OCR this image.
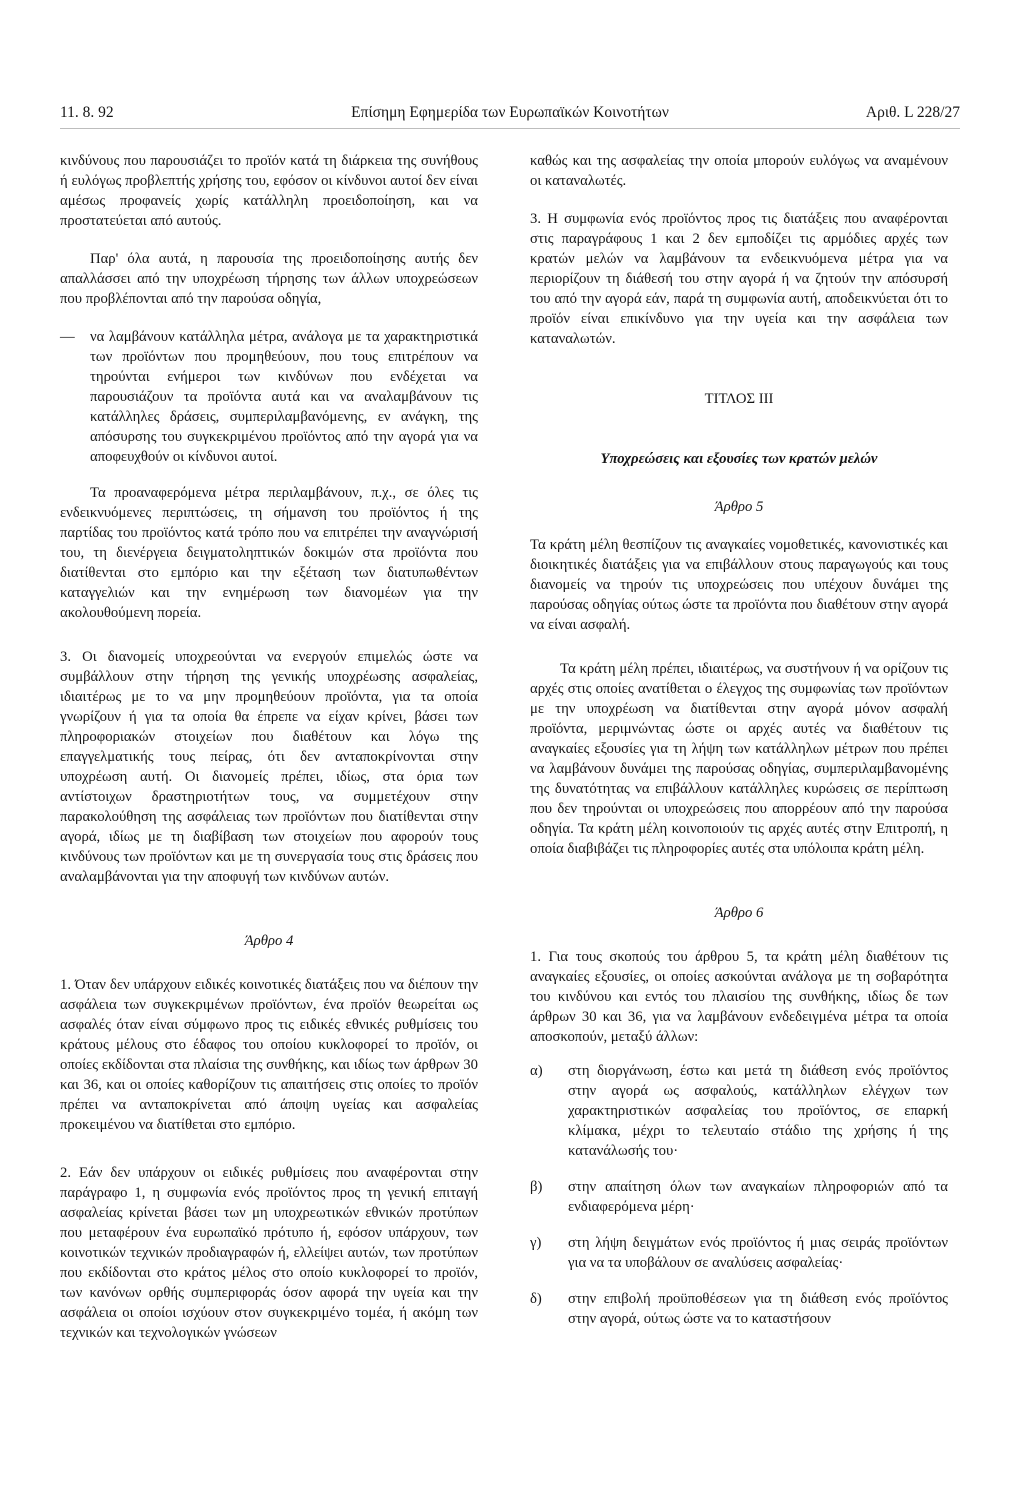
11. 8. 92	Επίσημη Εφημερίδα των Ευρωπαϊκών Κοινοτήτων	Αριθ. L 228/27

κινδύνους που παρουσιάζει το προϊόν κατά τη διάρκεια της συνήθους ή ευλόγως προβλεπτής χρήσης του, εφόσον οι κίνδυνοι αυτοί δεν είναι αμέσως προφανείς χωρίς κατάλληλη προειδοποίηση, και να προστατεύεται από αυτούς.

Παρ' όλα αυτά, η παρουσία της προειδοποίησης αυτής δεν απαλλάσσει από την υποχρέωση τήρησης των άλλων υποχρεώσεων που προβλέπονται από την παρούσα οδηγία,

— να λαμβάνουν κατάλληλα μέτρα, ανάλογα με τα χαρακτηριστικά των προϊόντων που προμηθεύουν, που τους επιτρέπουν να τηρούνται ενήμεροι των κινδύνων που ενδέχεται να παρουσιάζουν τα προϊόντα αυτά και να αναλαμβάνουν τις κατάλληλες δράσεις, συμπεριλαμβανόμενης, εν ανάγκη, της απόσυρσης του συγκεκριμένου προϊόντος από την αγορά για να αποφευχθούν οι κίνδυνοι αυτοί.

Τα προαναφερόμενα μέτρα περιλαμβάνουν, π.χ., σε όλες τις ενδεικνυόμενες περιπτώσεις, τη σήμανση του προϊόντος ή της παρτίδας του προϊόντος κατά τρόπο που να επιτρέπει την αναγνώρισή του, τη διενέργεια δειγματοληπτικών δοκιμών στα προϊόντα που διατίθενται στο εμπόριο και την εξέταση των διατυπωθέντων καταγγελιών και την ενημέρωση των διανομέων για την ακολουθούμενη πορεία.

3. Οι διανομείς υποχρεούνται να ενεργούν επιμελώς ώστε να συμβάλλουν στην τήρηση της γενικής υποχρέωσης ασφαλείας, ιδιαιτέρως με το να μην προμηθεύουν προϊόντα, για τα οποία γνωρίζουν ή για τα οποία θα έπρεπε να είχαν κρίνει, βάσει των πληροφοριακών στοιχείων που διαθέτουν και λόγω της επαγγελματικής τους πείρας, ότι δεν ανταποκρίνονται στην υποχρέωση αυτή. Οι διανομείς πρέπει, ιδίως, στα όρια των αντίστοιχων δραστηριοτήτων τους, να συμμετέχουν στην παρακολούθηση της ασφάλειας των προϊόντων που διατίθενται στην αγορά, ιδίως με τη διαβίβαση των στοιχείων που αφορούν τους κινδύνους των προϊόντων και με τη συνεργασία τους στις δράσεις που αναλαμβάνονται για την αποφυγή των κινδύνων αυτών.

Άρθρο 4

1. Όταν δεν υπάρχουν ειδικές κοινοτικές διατάξεις που να διέπουν την ασφάλεια των συγκεκριμένων προϊόντων, ένα προϊόν θεωρείται ως ασφαλές όταν είναι σύμφωνο προς τις ειδικές εθνικές ρυθμίσεις του κράτους μέλους στο έδαφος του οποίου κυκλοφορεί το προϊόν, οι οποίες εκδίδονται στα πλαίσια της συνθήκης, και ιδίως των άρθρων 30 και 36, και οι οποίες καθορίζουν τις απαιτήσεις στις οποίες το προϊόν πρέπει να ανταποκρίνεται από άποψη υγείας και ασφαλείας προκειμένου να διατίθεται στο εμπόριο.

2. Εάν δεν υπάρχουν οι ειδικές ρυθμίσεις που αναφέρονται στην παράγραφο 1, η συμφωνία ενός προϊόντος προς τη γενική επιταγή ασφαλείας κρίνεται βάσει των μη υποχρεωτικών εθνικών προτύπων που μεταφέρουν ένα ευρωπαϊκό πρότυπο ή, εφόσον υπάρχουν, των κοινοτικών τεχνικών προδιαγραφών ή, ελλείψει αυτών, των προτύπων που εκδίδονται στο κράτος μέλος στο οποίο κυκλοφορεί το προϊόν, των κανόνων ορθής συμπεριφοράς όσον αφορά την υγεία και την ασφάλεια οι οποίοι ισχύουν στον συγκεκριμένο τομέα, ή ακόμη των τεχνικών και τεχνολογικών γνώσεων

καθώς και της ασφαλείας την οποία μπορούν ευλόγως να αναμένουν οι καταναλωτές.

3. Η συμφωνία ενός προϊόντος προς τις διατάξεις που αναφέρονται στις παραγράφους 1 και 2 δεν εμποδίζει τις αρμόδιες αρχές των κρατών μελών να λαμβάνουν τα ενδεικνυόμενα μέτρα για να περιορίζουν τη διάθεσή του στην αγορά ή να ζητούν την απόσυρσή του από την αγορά εάν, παρά τη συμφωνία αυτή, αποδεικνύεται ότι το προϊόν είναι επικίνδυνο για την υγεία και την ασφάλεια των καταναλωτών.

ΤΙΤΛΟΣ III
Υποχρεώσεις και εξουσίες των κρατών μελών
Άρθρο 5

Τα κράτη μέλη θεσπίζουν τις αναγκαίες νομοθετικές, κανονιστικές και διοικητικές διατάξεις για να επιβάλλουν στους παραγωγούς και τους διανομείς να τηρούν τις υποχρεώσεις που υπέχουν δυνάμει της παρούσας οδηγίας ούτως ώστε τα προϊόντα που διαθέτουν στην αγορά να είναι ασφαλή.

Τα κράτη μέλη πρέπει, ιδιαιτέρως, να συστήνουν ή να ορίζουν τις αρχές στις οποίες ανατίθεται ο έλεγχος της συμφωνίας των προϊόντων με την υποχρέωση να διατίθενται στην αγορά μόνον ασφαλή προϊόντα, μεριμνώντας ώστε οι αρχές αυτές να διαθέτουν τις αναγκαίες εξουσίες για τη λήψη των κατάλληλων μέτρων που πρέπει να λαμβάνουν δυνάμει της παρούσας οδηγίας, συμπεριλαμβανομένης της δυνατότητας να επιβάλλουν κατάλληλες κυρώσεις σε περίπτωση που δεν τηρούνται οι υποχρεώσεις που απορρέουν από την παρούσα οδηγία. Τα κράτη μέλη κοινοποιούν τις αρχές αυτές στην Επιτροπή, η οποία διαβιβάζει τις πληροφορίες αυτές στα υπόλοιπα κράτη μέλη.

Άρθρο 6

1. Για τους σκοπούς του άρθρου 5, τα κράτη μέλη διαθέτουν τις αναγκαίες εξουσίες, οι οποίες ασκούνται ανάλογα με τη σοβαρότητα του κινδύνου και εντός του πλαισίου της συνθήκης, ιδίως δε των άρθρων 30 και 36, για να λαμβάνουν ενδεδειγμένα μέτρα τα οποία αποσκοπούν, μεταξύ άλλων:

α) στη διοργάνωση, έστω και μετά τη διάθεση ενός προϊόντος στην αγορά ως ασφαλούς, κατάλληλων ελέγχων των χαρακτηριστικών ασφαλείας του προϊόντος, σε επαρκή κλίμακα, μέχρι το τελευταίο στάδιο της χρήσης ή της κατανάλωσής του·
β) στην απαίτηση όλων των αναγκαίων πληροφοριών από τα ενδιαφερόμενα μέρη·
γ) στη λήψη δειγμάτων ενός προϊόντος ή μιας σειράς προϊόντων για να τα υποβάλουν σε αναλύσεις ασφαλείας·
δ) στην επιβολή προϋποθέσεων για τη διάθεση ενός προϊόντος στην αγορά, ούτως ώστε να το καταστήσουν
